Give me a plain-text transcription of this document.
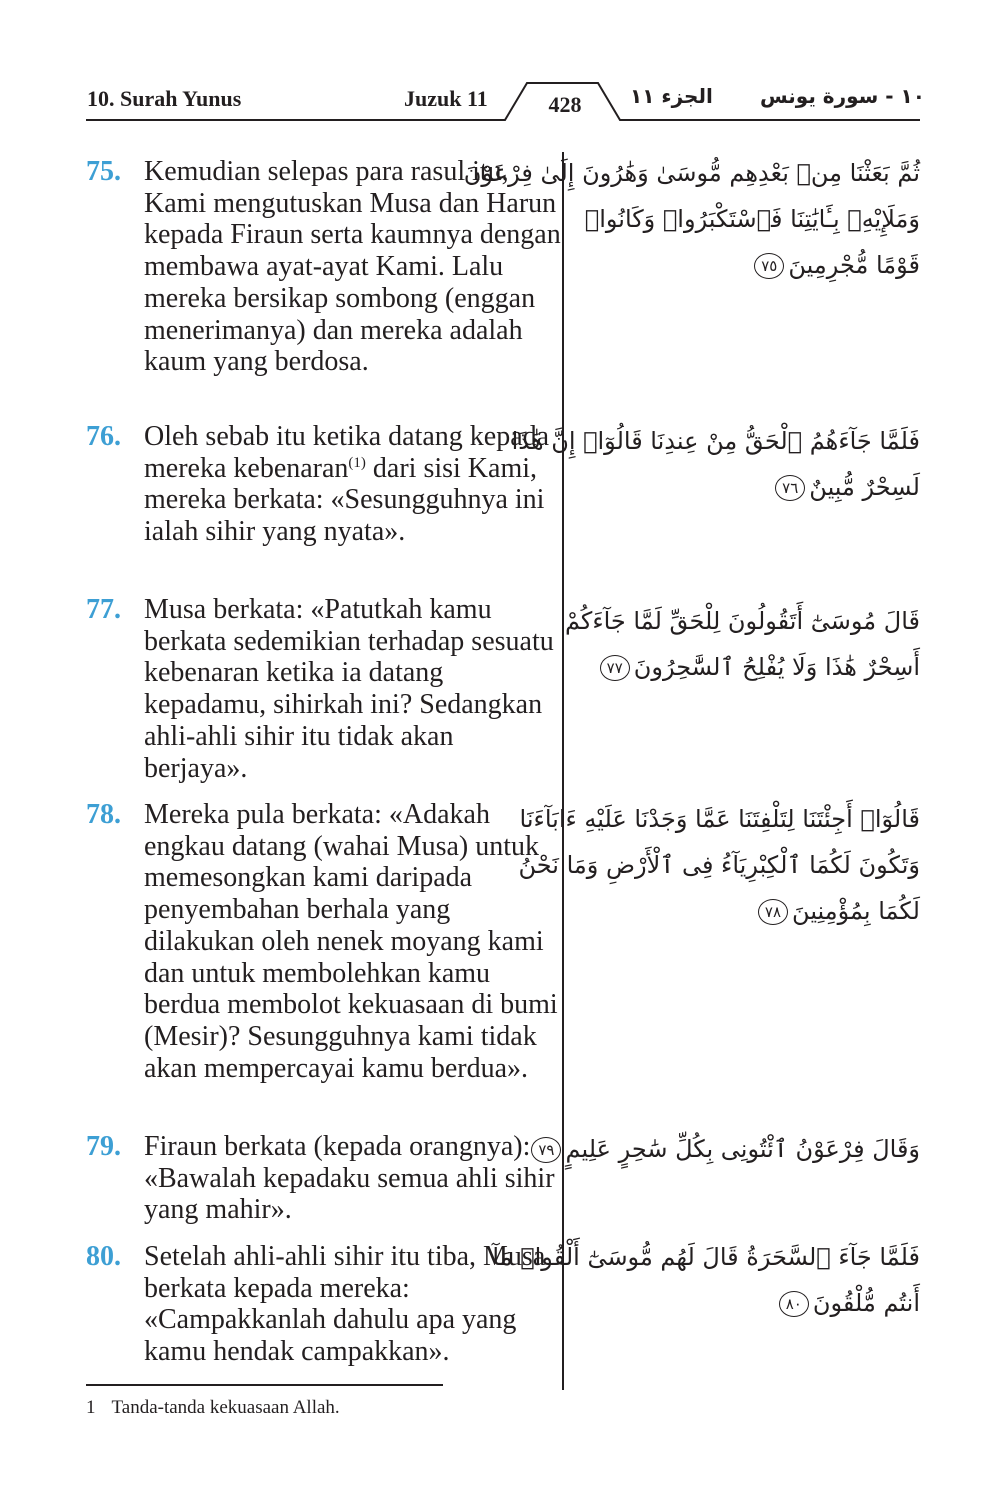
10. Surah Yunus	Juzuk 11	428	الجزء ١١ ١٠ - سورة يونس
75. Kemudian selepas para rasul itu, Kami mengutuskan Musa dan Harun kepada Firaun serta kaumnya dengan membawa ayat-ayat Kami. Lalu mereka bersikap sombong (enggan menerimanya) dan mereka adalah kaum yang berdosa.
ثُمَّ بَعَثْنَا مِنۢ بَعْدِهِم مُّوسَىٰ وَهَٰرُونَ إِلَىٰ فِرْعَوْنَ
وَمَلَإِيْهِۦ بِـَٔايَٰتِنَا فَٱسْتَكْبَرُوا۟ وَكَانُوا۟
قَوْمًا مُّجْرِمِينَ٧٥
76. Oleh sebab itu ketika datang kepada mereka kebenaran$^{(1)}$ dari sisi Kami, mereka berkata: «Sesungguhnya ini ialah sihir yang nyata».
فَلَمَّا جَآءَهُمُ ٱلْحَقُّ مِنْ عِندِنَا قَالُوٓا۟ إِنَّ هَٰذَا
لَسِحْرٌ مُّبِينٌ٧٦
77. Musa berkata: «Patutkah kamu berkata sedemikian terhadap sesuatu kebenaran ketika ia datang kepadamu, sihirkah ini? Sedangkan ahli-ahli sihir itu tidak akan berjaya».
قَالَ مُوسَىٰٓ أَتَقُولُونَ لِلْحَقِّ لَمَّا جَآءَكُمْ
أَسِحْرٌ هَٰذَا وَلَا يُفْلِحُ ٱلسَّٰحِرُونَ٧٧
78. Mereka pula berkata: «Adakah engkau datang (wahai Musa) untuk memesongkan kami daripada penyembahan berhala yang dilakukan oleh nenek moyang kami dan untuk membolehkan kamu berdua membolot kekuasaan di bumi (Mesir)? Sesungguhnya kami tidak akan mempercayai kamu berdua».
قَالُوٓا۟ أَجِئْتَنَا لِتَلْفِتَنَا عَمَّا وَجَدْنَا عَلَيْهِ ءَابَآءَنَا
وَتَكُونَ لَكُمَا ٱلْكِبْرِيَآءُ فِى ٱلْأَرْضِ وَمَا نَحْنُ
لَكُمَا بِمُؤْمِنِينَ٧٨
79. Firaun berkata (kepada orangnya): «Bawalah kepadaku semua ahli sihir yang mahir».
وَقَالَ فِرْعَوْنُ ٱئْتُونِى بِكُلِّ سَٰحِرٍ عَلِيمٍ٧٩
80. Setelah ahli-ahli sihir itu tiba, Musa berkata kepada mereka: «Campakkanlah dahulu apa yang kamu hendak campakkan».
فَلَمَّا جَآءَ ٱلسَّحَرَةُ قَالَ لَهُم مُّوسَىٰٓ أَلْقُوا۟ مَآ
أَنتُم مُّلْقُونَ٨٠
1 Tanda-tanda kekuasaan Allah.
